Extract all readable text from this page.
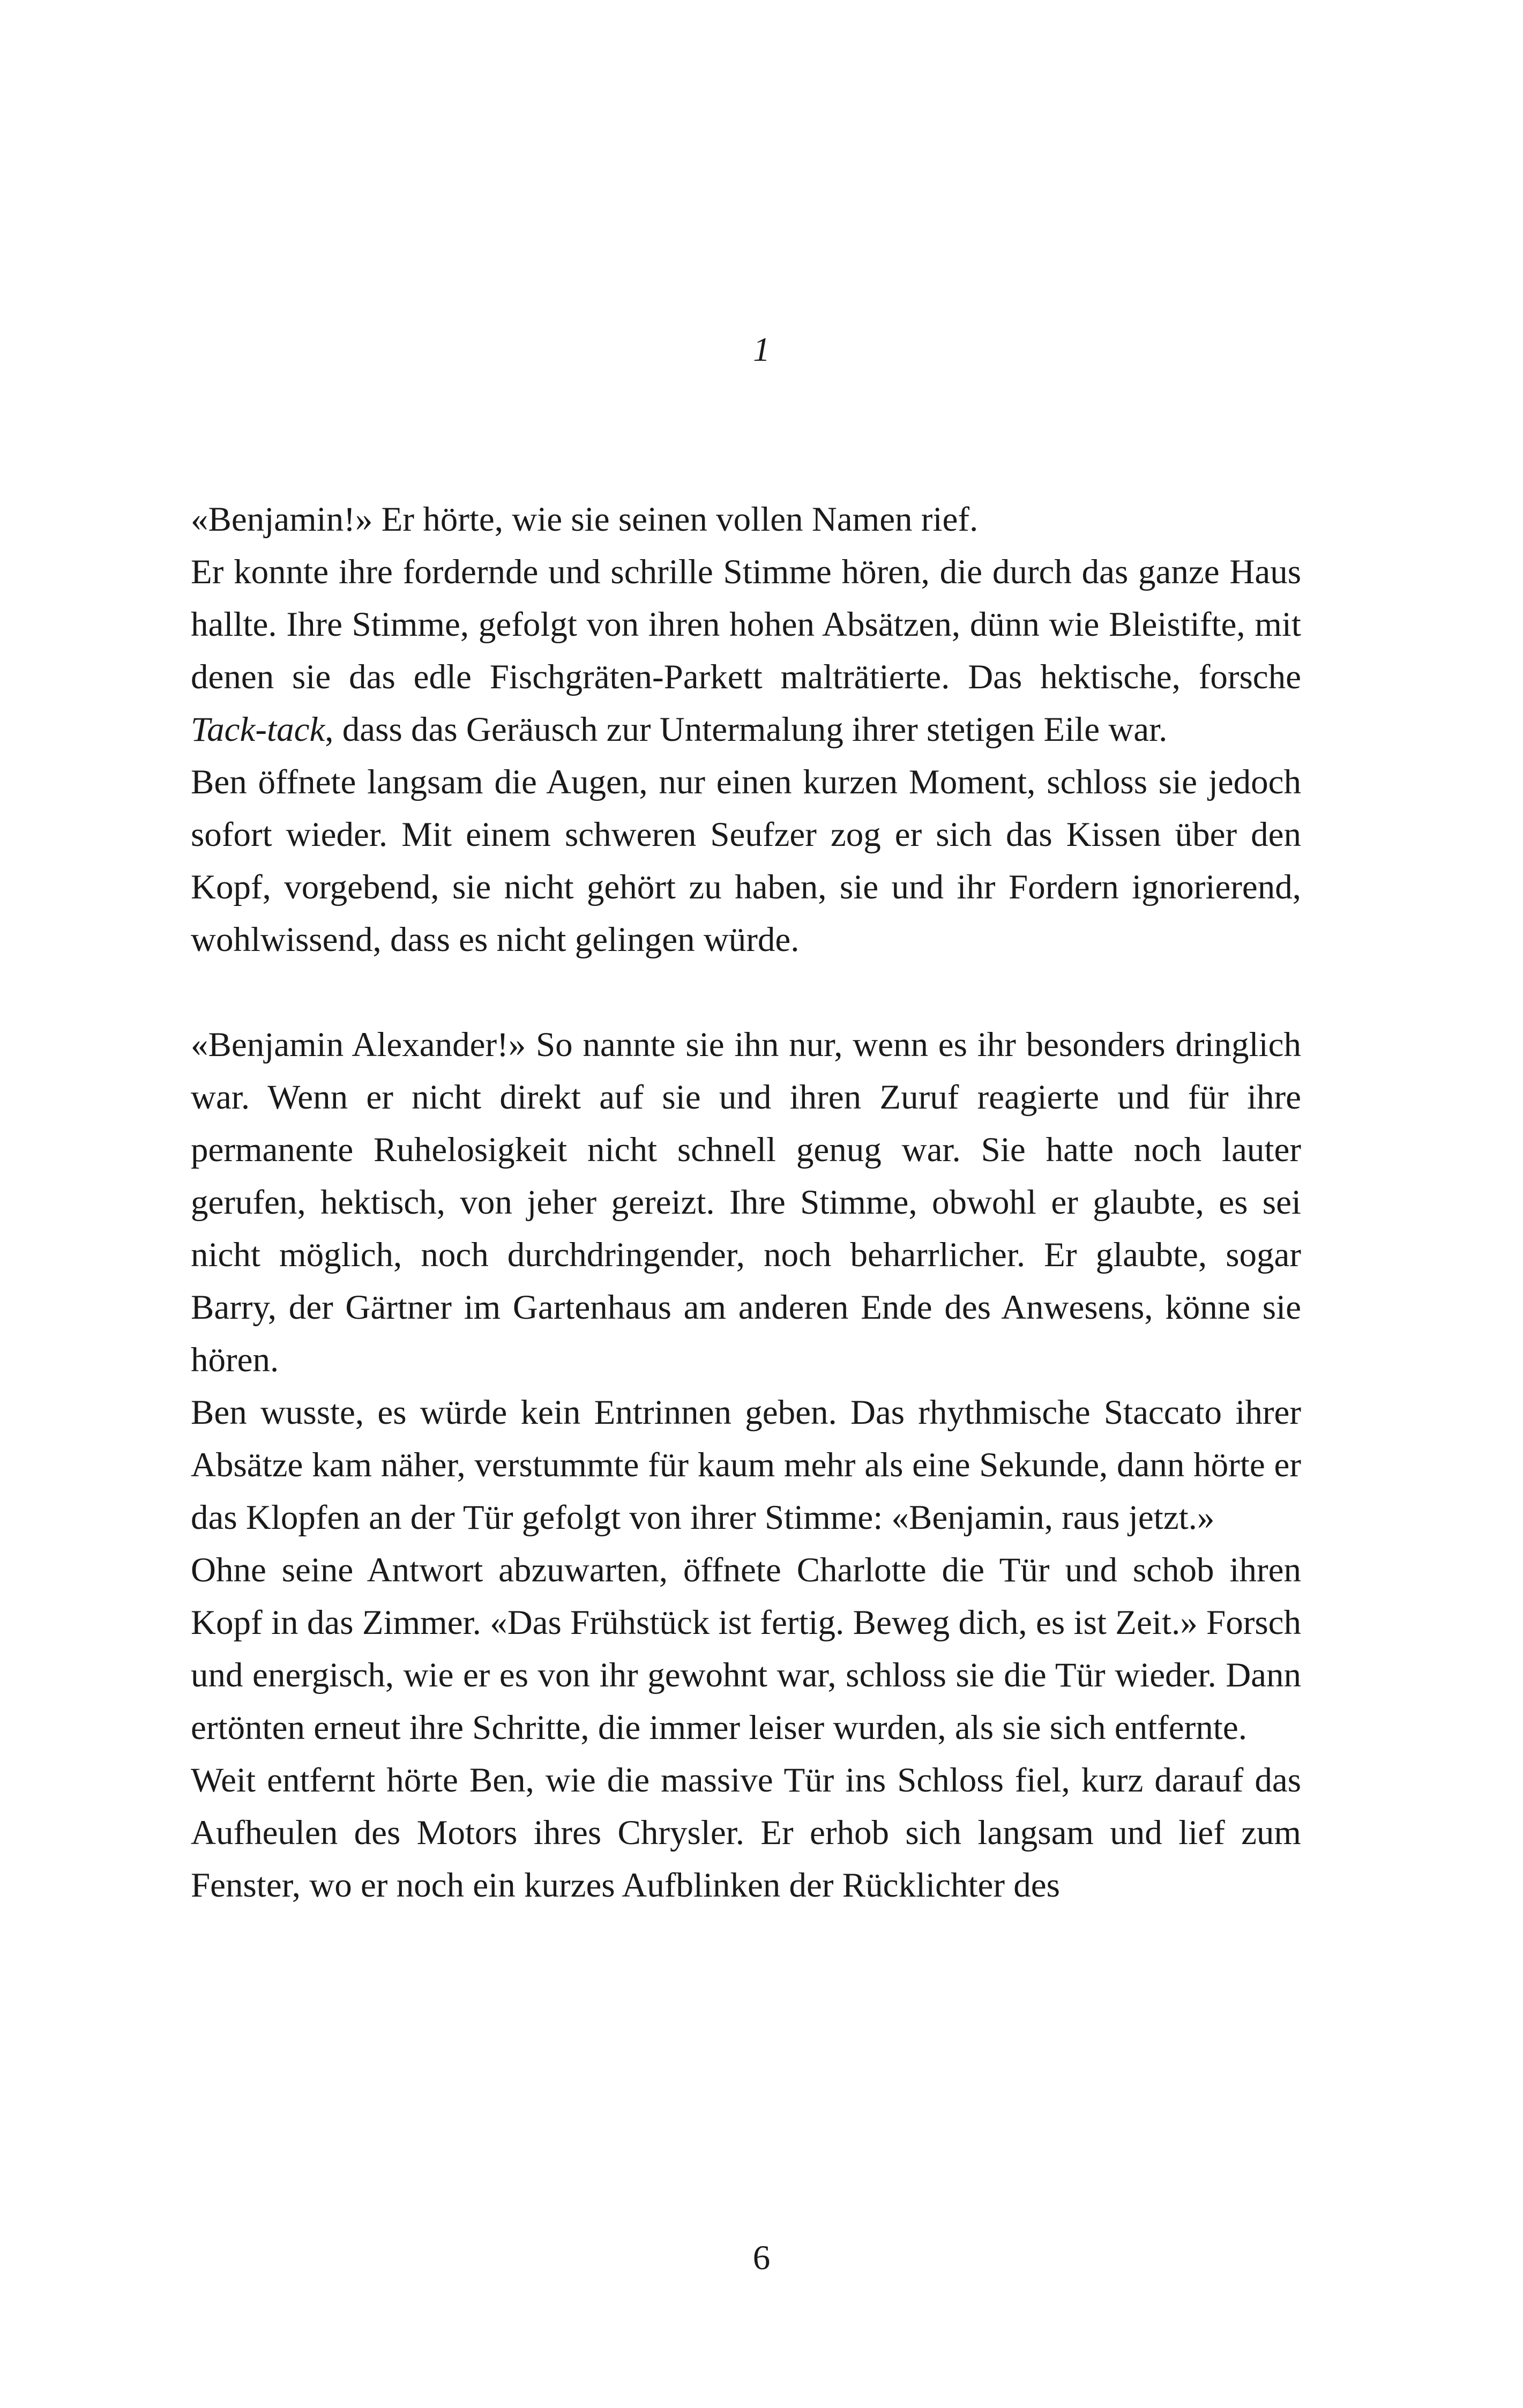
1

«Benjamin!» Er hörte, wie sie seinen vollen Namen rief.

Er konnte ihre fordernde und schrille Stimme hören, die durch das ganze Haus hallte. Ihre Stimme, gefolgt von ihren hohen Absätzen, dünn wie Bleistifte, mit denen sie das edle Fischgräten-Parkett malträtierte. Das hektische, forsche Tack-tack, dass das Geräusch zur Untermalung ihrer stetigen Eile war.

Ben öffnete langsam die Augen, nur einen kurzen Moment, schloss sie jedoch sofort wieder. Mit einem schweren Seufzer zog er sich das Kissen über den Kopf, vorgebend, sie nicht gehört zu haben, sie und ihr Fordern ignorierend, wohlwissend, dass es nicht gelingen würde.

«Benjamin Alexander!» So nannte sie ihn nur, wenn es ihr besonders dringlich war. Wenn er nicht direkt auf sie und ihren Zuruf reagierte und für ihre permanente Ruhelosigkeit nicht schnell genug war. Sie hatte noch lauter gerufen, hektisch, von jeher gereizt. Ihre Stimme, obwohl er glaubte, es sei nicht möglich, noch durchdringender, noch beharrlicher. Er glaubte, sogar Barry, der Gärtner im Gartenhaus am anderen Ende des Anwesens, könne sie hören.

Ben wusste, es würde kein Entrinnen geben. Das rhythmische Staccato ihrer Absätze kam näher, verstummte für kaum mehr als eine Sekunde, dann hörte er das Klopfen an der Tür gefolgt von ihrer Stimme: «Benjamin, raus jetzt.»

Ohne seine Antwort abzuwarten, öffnete Charlotte die Tür und schob ihren Kopf in das Zimmer. «Das Frühstück ist fertig. Beweg dich, es ist Zeit.» Forsch und energisch, wie er es von ihr gewohnt war, schloss sie die Tür wieder. Dann ertönten erneut ihre Schritte, die immer leiser wurden, als sie sich entfernte.

Weit entfernt hörte Ben, wie die massive Tür ins Schloss fiel, kurz darauf das Aufheulen des Motors ihres Chrysler. Er erhob sich langsam und lief zum Fenster, wo er noch ein kurzes Aufblinken der Rücklichter des

6
